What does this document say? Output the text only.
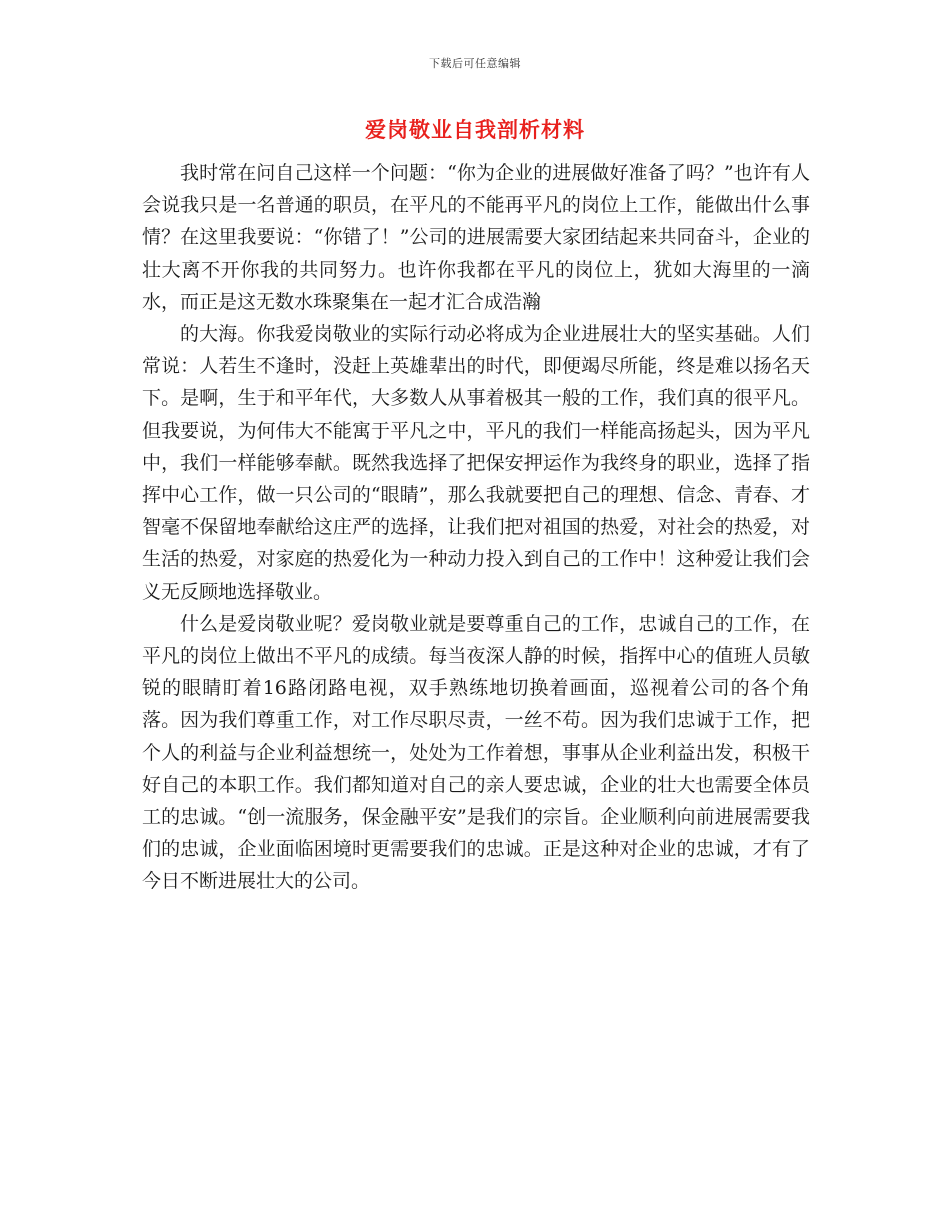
下载后可任意编辑
爱岗敬业自我剖析材料

我时常在问自己这样一个问题：“你为企业的进展做好准备了吗？”也许有人会说我只是一名普通的职员，在平凡的不能再平凡的岗位上工作，能做出什么事情？在这里我要说：“你错了！”公司的进展需要大家团结起来共同奋斗，企业的壮大离不开你我的共同努力。也许你我都在平凡的岗位上，犹如大海里的一滴水，而正是这无数水珠聚集在一起才汇合成浩瀚

的大海。你我爱岗敬业的实际行动必将成为企业进展壮大的坚实基础。人们常说：人若生不逢时，没赶上英雄辈出的时代，即便竭尽所能，终是难以扬名天下。是啊，生于和平年代，大多数人从事着极其一般的工作，我们真的很平凡。但我要说，为何伟大不能寓于平凡之中，平凡的我们一样能高扬起头，因为平凡中，我们一样能够奉献。既然我选择了把保安押运作为我终身的职业，选择了指挥中心工作，做一只公司的“眼睛”，那么我就要把自己的理想、信念、青春、才智毫不保留地奉献给这庄严的选择，让我们把对祖国的热爱，对社会的热爱，对生活的热爱，对家庭的热爱化为一种动力投入到自己的工作中！这种爱让我们会义无反顾地选择敬业。

什么是爱岗敬业呢？爱岗敬业就是要尊重自己的工作，忠诚自己的工作，在平凡的岗位上做出不平凡的成绩。每当夜深人静的时候，指挥中心的值班人员敏锐的眼睛盯着16路闭路电视，双手熟练地切换着画面，巡视着公司的各个角落。因为我们尊重工作，对工作尽职尽责，一丝不苟。因为我们忠诚于工作，把个人的利益与企业利益想统一，处处为工作着想，事事从企业利益出发，积极干好自己的本职工作。我们都知道对自己的亲人要忠诚，企业的壮大也需要全体员工的忠诚。“创一流服务，保金融平安”是我们的宗旨。企业顺利向前进展需要我们的忠诚，企业面临困境时更需要我们的忠诚。正是这种对企业的忠诚，才有了今日不断进展壮大的公司。
